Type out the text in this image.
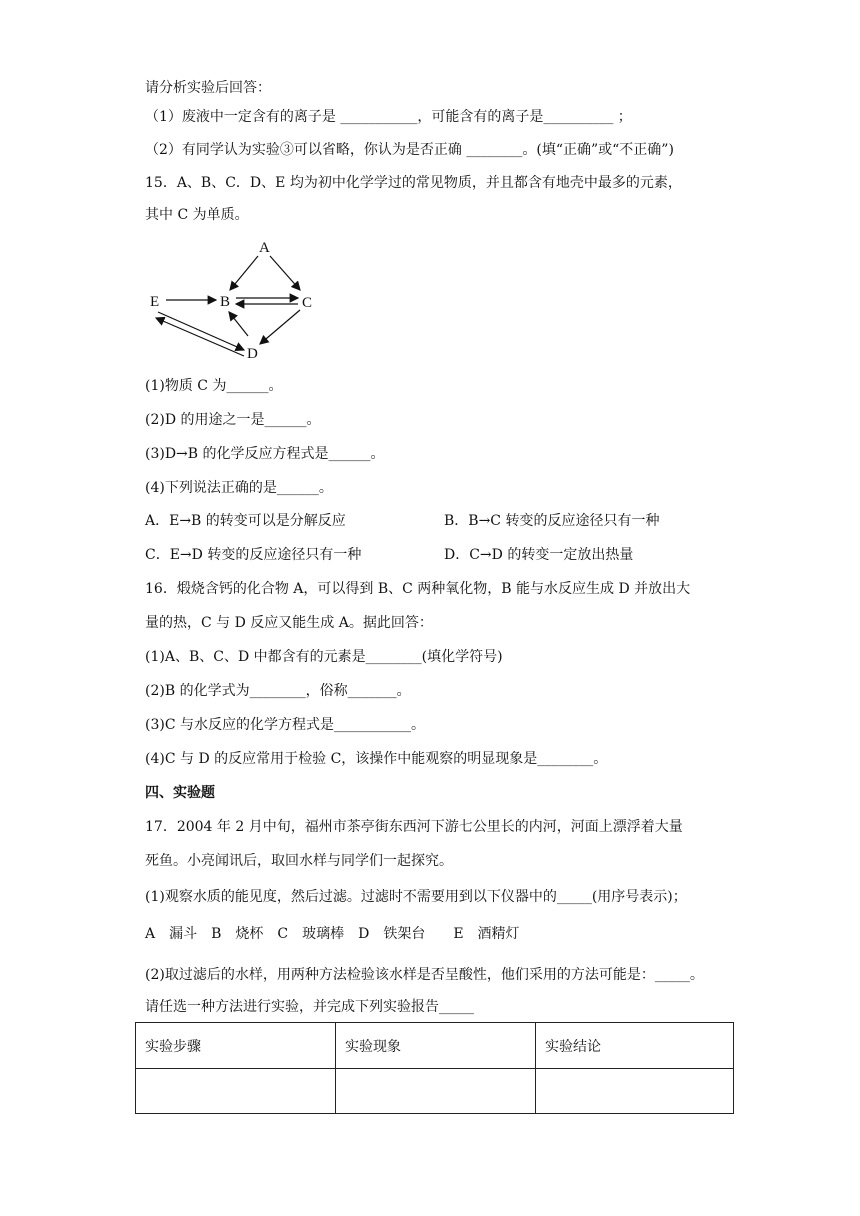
请分析实验后回答：
（1）废液中一定含有的离子是 ___________，可能含有的离子是__________ ；
（2）有同学认为实验③可以省略，你认为是否正确 ________。(填“正确”或“不正确”)
15．A、B、C．D、E 均为初中化学学过的常见物质，并且都含有地壳中最多的元素，
其中 C 为单质。
A
E	B	C
D
(1)物质 C 为______。
(2)D 的用途之一是______。
(3)D→B 的化学反应方程式是______。
(4)下列说法正确的是______。
A．E→B 的转变可以是分解反应	B．B→C 转变的反应途径只有一种
C．E→D 转变的反应途径只有一种	D．C→D 的转变一定放出热量
16．煅烧含钙的化合物 A，可以得到 B、C 两种氧化物，B 能与水反应生成 D 并放出大
量的热，C 与 D 反应又能生成 A。据此回答：
(1)A、B、C、D 中都含有的元素是________(填化学符号)
(2)B 的化学式为________，俗称_______。
(3)C 与水反应的化学方程式是___________。
(4)C 与 D 的反应常用于检验 C，该操作中能观察的明显现象是________。
四、实验题
17．2004 年 2 月中旬，福州市茶亭街东西河下游七公里长的内河，河面上漂浮着大量
死鱼。小亮闻讯后，取回水样与同学们一起探究。
(1)观察水质的能见度，然后过滤。过滤时不需要用到以下仪器中的_____(用序号表示)；
A　漏斗　B　烧杯　C　玻璃棒　D　铁架台　　E　酒精灯
(2)取过滤后的水样，用两种方法检验该水样是否呈酸性，他们采用的方法可能是：_____。
请任选一种方法进行实验，并完成下列实验报告_____
实验步骤	实验现象	实验结论
